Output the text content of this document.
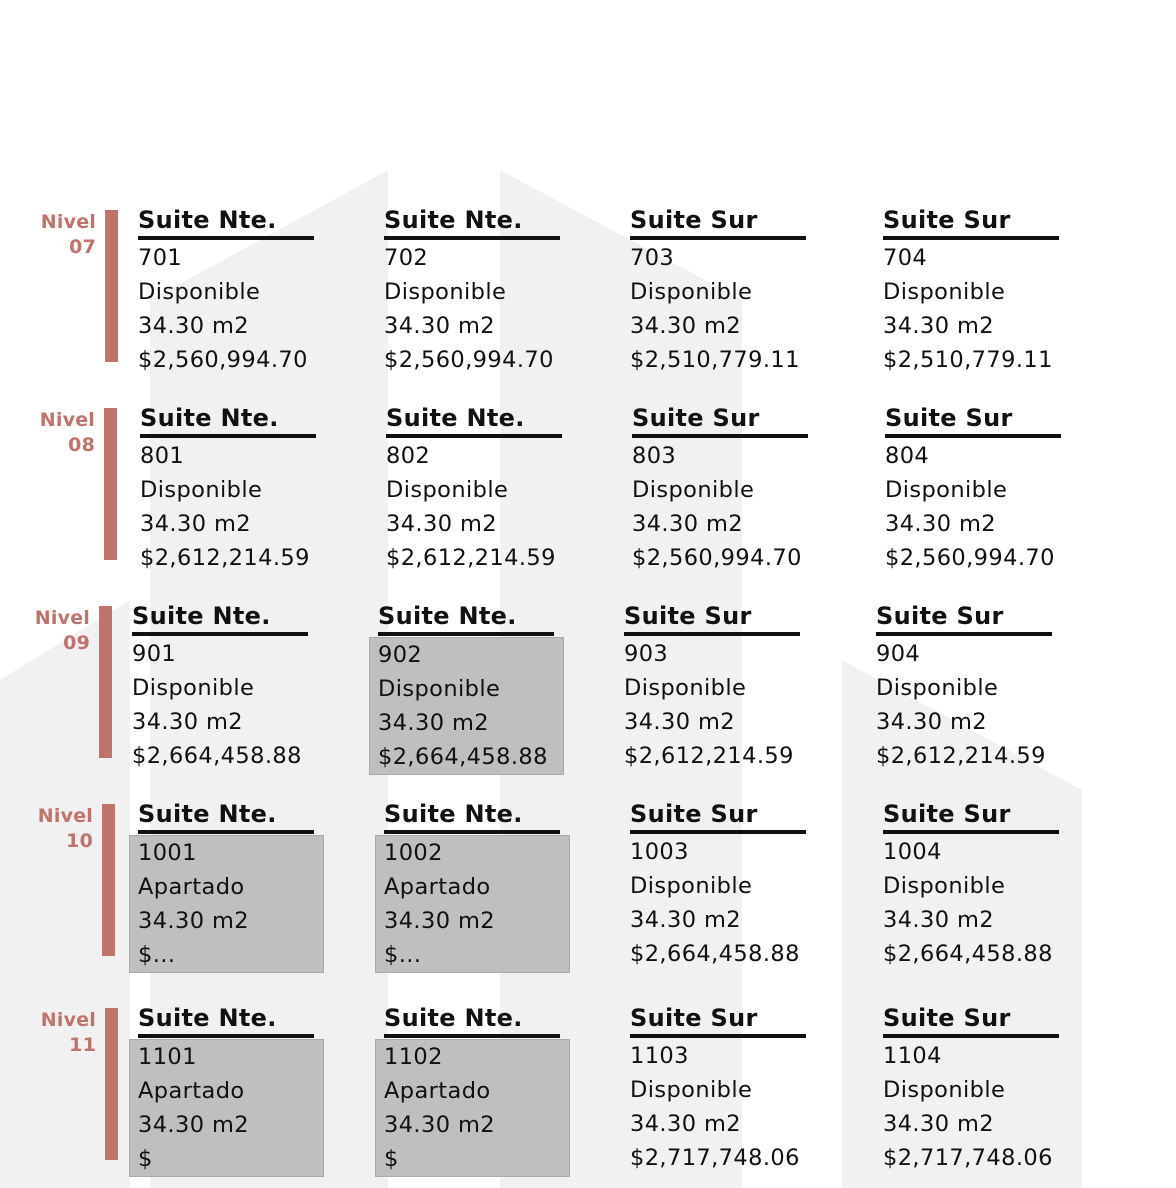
Nivel
07
Suite Nte.
701
Disponible
34.30 m2
$2,560,994.70
Suite Nte.
702
Disponible
34.30 m2
$2,560,994.70
Suite Sur
703
Disponible
34.30 m2
$2,510,779.11
Suite Sur
704
Disponible
34.30 m2
$2,510,779.11
Nivel
08
Suite Nte.
801
Disponible
34.30 m2
$2,612,214.59
Suite Nte.
802
Disponible
34.30 m2
$2,612,214.59
Suite Sur
803
Disponible
34.30 m2
$2,560,994.70
Suite Sur
804
Disponible
34.30 m2
$2,560,994.70
Nivel
09
Suite Nte.
901
Disponible
34.30 m2
$2,664,458.88
Suite Nte.
902
Disponible
34.30 m2
$2,664,458.88
Suite Sur
903
Disponible
34.30 m2
$2,612,214.59
Suite Sur
904
Disponible
34.30 m2
$2,612,214.59
Nivel
10
Suite Nte.
1001
Apartado
34.30 m2
$...
Suite Nte.
1002
Apartado
34.30 m2
$...
Suite Sur
1003
Disponible
34.30 m2
$2,664,458.88
Suite Sur
1004
Disponible
34.30 m2
$2,664,458.88
Nivel
11
Suite Nte.
1101
Apartado
34.30 m2
$
Suite Nte.
1102
Apartado
34.30 m2
$
Suite Sur
1103
Disponible
34.30 m2
$2,717,748.06
Suite Sur
1104
Disponible
34.30 m2
$2,717,748.06
